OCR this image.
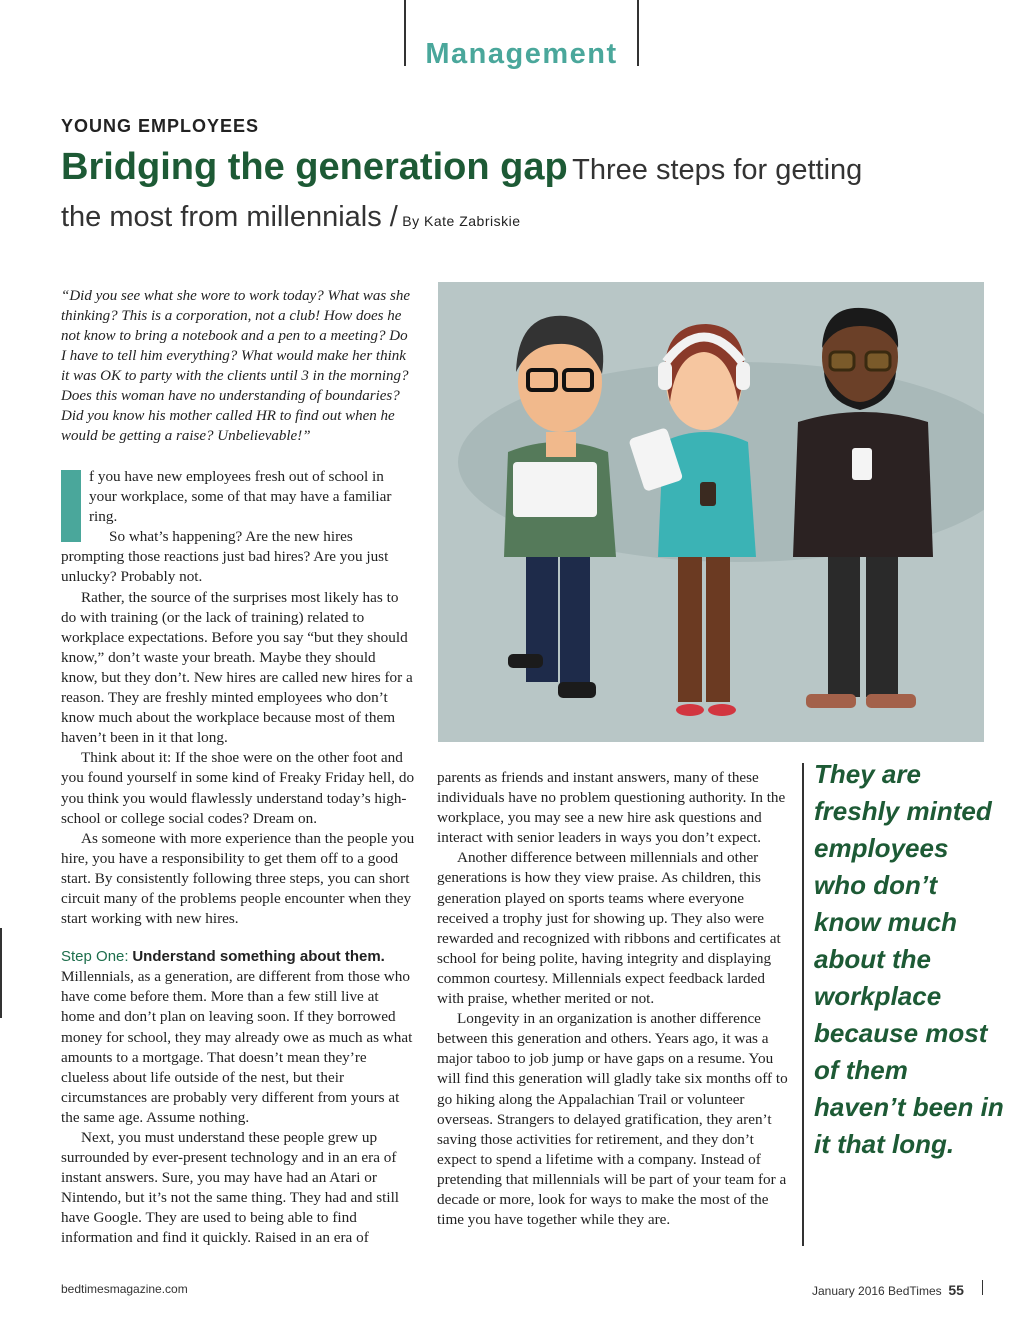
Management
YOUNG EMPLOYEES
Bridging the generation gap Three steps for getting
the most from millennials / By Kate Zabriskie
“Did you see what she wore to work today? What was she thinking? This is a corporation, not a club! How does he not know to bring a notebook and a pen to a meeting? Do I have to tell him everything? What would make her think it was OK to party with the clients until 3 in the morning? Does this woman have no understanding of boundaries? Did you know his mother called HR to find out when he would be getting a raise? Unbelievable!”

f you have new employees fresh out of school in your workplace, some of that may have a familiar ring.

So what’s happening? Are the new hires prompting those reactions just bad hires? Are you just unlucky? Probably not.

Rather, the source of the surprises most likely has to do with training (or the lack of training) related to workplace expectations. Before you say “but they should know,” don’t waste your breath. Maybe they should know, but they don’t. New hires are called new hires for a reason. They are freshly minted employees who don’t know much about the workplace because most of them haven’t been in it that long.

Think about it: If the shoe were on the other foot and you found yourself in some kind of Freaky Friday hell, do you think you would flawlessly understand today’s high-school or college social codes? Dream on.

As someone with more experience than the people you hire, you have a responsibility to get them off to a good start. By consistently following three steps, you can short circuit many of the problems people encounter when they start working with new hires.

Step One: Understand something about them.

Millennials, as a generation, are different from those who have come before them. More than a few still live at home and don’t plan on leaving soon. If they borrowed money for school, they may already owe as much as what amounts to a mortgage. That doesn’t mean they’re clueless about life outside of the nest, but their circumstances are probably very different from yours at the same age. Assume nothing.

Next, you must understand these people grew up surrounded by ever-present technology and in an era of instant answers. Sure, you may have had an Atari or Nintendo, but it’s not the same thing. They had and still have Google. They are used to being able to find information and find it quickly. Raised in an era of

parents as friends and instant answers, many of these individuals have no problem questioning authority. In the workplace, you may see a new hire ask questions and interact with senior leaders in ways you don’t expect.

Another difference between millennials and other generations is how they view praise. As children, this generation played on sports teams where everyone received a trophy just for showing up. They also were rewarded and recognized with ribbons and certificates at school for being polite, having integrity and displaying common courtesy. Millennials expect feedback larded with praise, whether merited or not.

Longevity in an organization is another difference between this generation and others. Years ago, it was a major taboo to job jump or have gaps on a resume. You will find this generation will gladly take six months off to go hiking along the Appalachian Trail or volunteer overseas. Strangers to delayed gratification, they aren’t saving those activities for retirement, and they don’t expect to spend a lifetime with a company. Instead of pretending that millennials will be part of your team for a decade or more, look for ways to make the most of the time you have together while they are.

They are freshly minted employees who don’t know much about the workplace because most of them haven’t been in it that long.
bedtimesmagazine.com	January 2016 BedTimes 55
